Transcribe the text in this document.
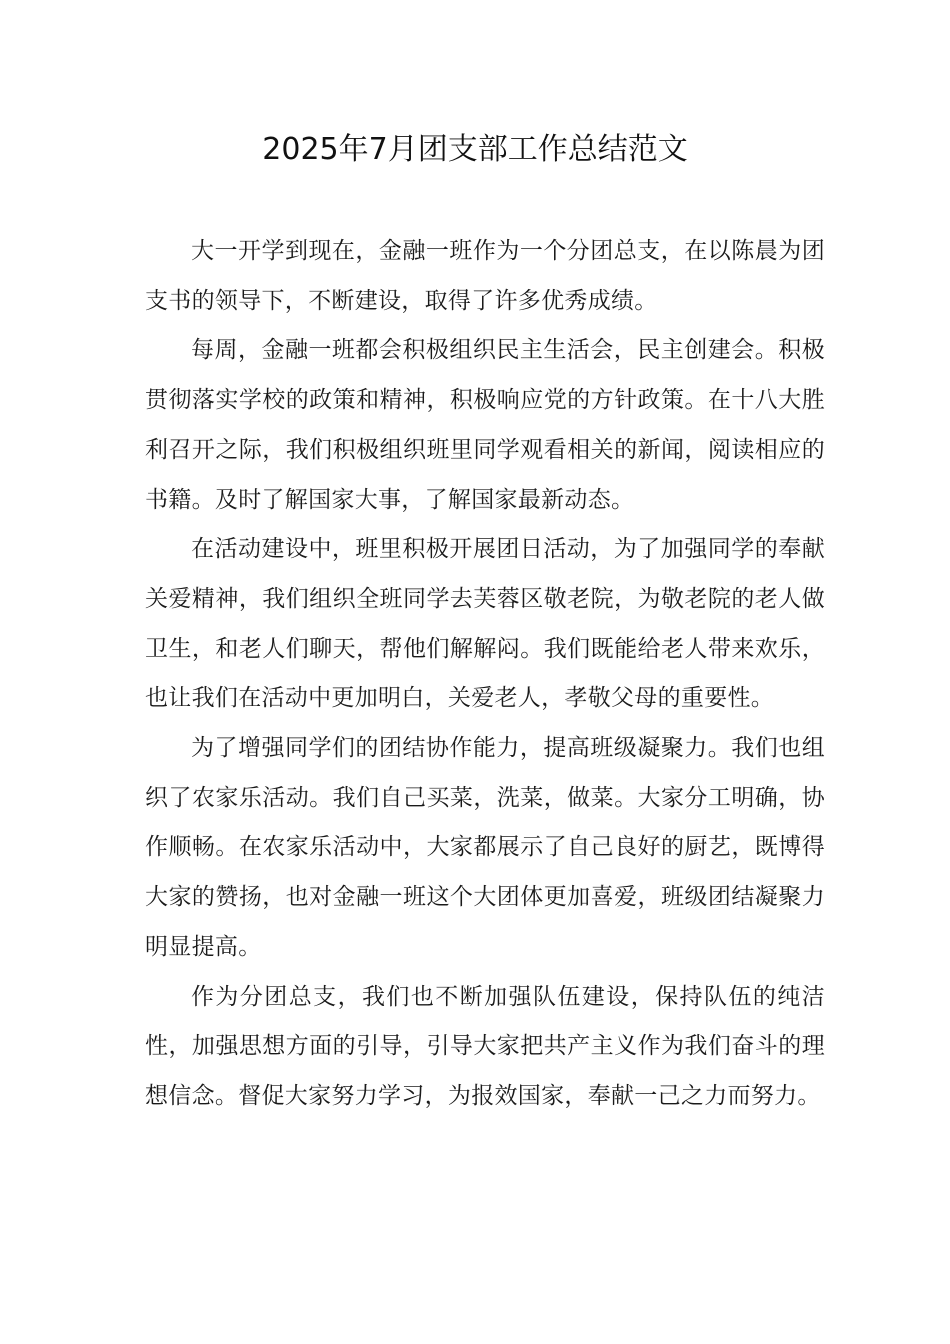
2025年7月团支部工作总结范文

大一开学到现在，金融一班作为一个分团总支，在以陈晨为团支书的领导下，不断建设，取得了许多优秀成绩。

每周，金融一班都会积极组织民主生活会，民主创建会。积极贯彻落实学校的政策和精神，积极响应党的方针政策。在十八大胜利召开之际，我们积极组织班里同学观看相关的新闻，阅读相应的书籍。及时了解国家大事，了解国家最新动态。

在活动建设中，班里积极开展团日活动，为了加强同学的奉献关爱精神，我们组织全班同学去芙蓉区敬老院，为敬老院的老人做卫生，和老人们聊天，帮他们解解闷。我们既能给老人带来欢乐，也让我们在活动中更加明白，关爱老人，孝敬父母的重要性。

为了增强同学们的团结协作能力，提高班级凝聚力。我们也组织了农家乐活动。我们自己买菜，洗菜，做菜。大家分工明确，协作顺畅。在农家乐活动中，大家都展示了自己良好的厨艺，既博得大家的赞扬，也对金融一班这个大团体更加喜爱，班级团结凝聚力明显提高。

作为分团总支，我们也不断加强队伍建设，保持队伍的纯洁性，加强思想方面的引导，引导大家把共产主义作为我们奋斗的理想信念。督促大家努力学习，为报效国家，奉献一己之力而努力。
